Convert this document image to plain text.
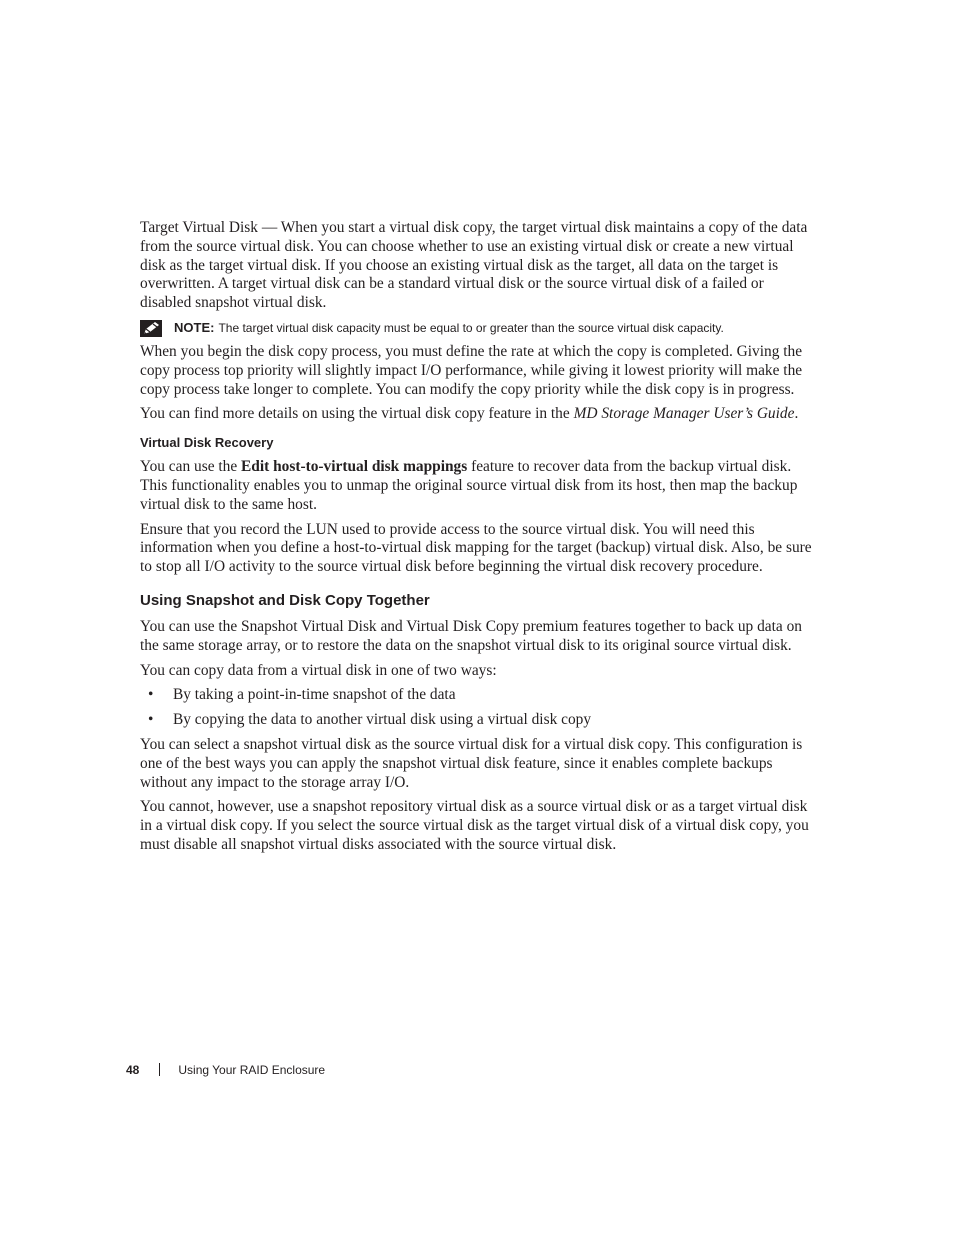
Target Virtual Disk — When you start a virtual disk copy, the target virtual disk maintains a copy of the data from the source virtual disk. You can choose whether to use an existing virtual disk or create a new virtual disk as the target virtual disk. If you choose an existing virtual disk as the target, all data on the target is overwritten. A target virtual disk can be a standard virtual disk or the source virtual disk of a failed or disabled snapshot virtual disk.

NOTE: The target virtual disk capacity must be equal to or greater than the source virtual disk capacity.

When you begin the disk copy process, you must define the rate at which the copy is completed. Giving the copy process top priority will slightly impact I/O performance, while giving it lowest priority will make the copy process take longer to complete. You can modify the copy priority while the disk copy is in progress.

You can find more details on using the virtual disk copy feature in the MD Storage Manager User’s Guide.

Virtual Disk Recovery

You can use the Edit host-to-virtual disk mappings feature to recover data from the backup virtual disk. This functionality enables you to unmap the original source virtual disk from its host, then map the backup virtual disk to the same host.

Ensure that you record the LUN used to provide access to the source virtual disk. You will need this information when you define a host-to-virtual disk mapping for the target (backup) virtual disk. Also, be sure to stop all I/O activity to the source virtual disk before beginning the virtual disk recovery procedure.

Using Snapshot and Disk Copy Together

You can use the Snapshot Virtual Disk and Virtual Disk Copy premium features together to back up data on the same storage array, or to restore the data on the snapshot virtual disk to its original source virtual disk.

You can copy data from a virtual disk in one of two ways:

• By taking a point-in-time snapshot of the data
• By copying the data to another virtual disk using a virtual disk copy

You can select a snapshot virtual disk as the source virtual disk for a virtual disk copy. This configuration is one of the best ways you can apply the snapshot virtual disk feature, since it enables complete backups without any impact to the storage array I/O.

You cannot, however, use a snapshot repository virtual disk as a source virtual disk or as a target virtual disk in a virtual disk copy. If you select the source virtual disk as the target virtual disk of a virtual disk copy, you must disable all snapshot virtual disks associated with the source virtual disk.

48	Using Your RAID Enclosure
